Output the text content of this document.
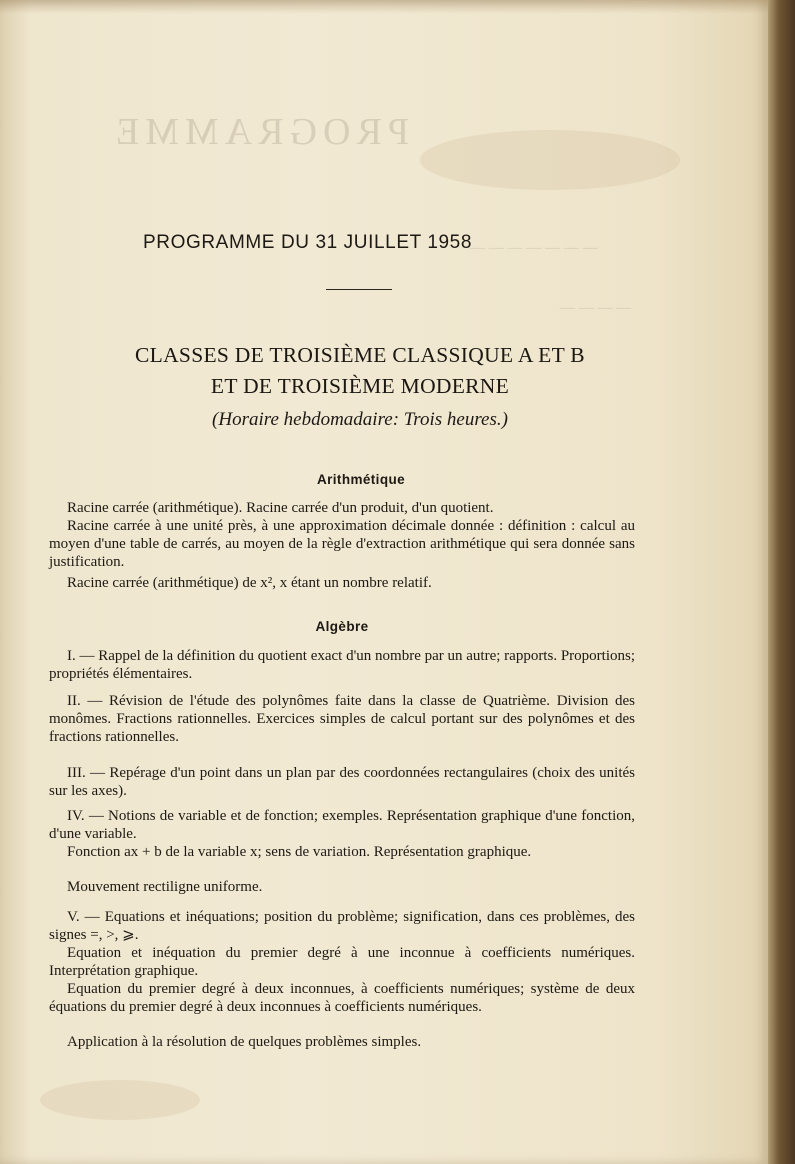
PROGRAMME
— — — — — — —
— — — —
PROGRAMME DU 31 JUILLET 1958
CLASSES DE TROISIÈME CLASSIQUE A ET B
ET DE TROISIÈME MODERNE
(Horaire hebdomadaire: Trois heures.)
Arithmétique
Racine carrée (arithmétique). Racine carrée d'un produit, d'un quotient.
Racine carrée à une unité près, à une approximation décimale donnée : définition : calcul au moyen d'une table de carrés, au moyen de la règle d'extraction arithmétique qui sera donnée sans justification.
Racine carrée (arithmétique) de x², x étant un nombre relatif.
Algèbre
I. — Rappel de la définition du quotient exact d'un nombre par un autre; rapports. Proportions; propriétés élémentaires.
II. — Révision de l'étude des polynômes faite dans la classe de Quatrième. Division des monômes. Fractions rationnelles. Exercices simples de calcul portant sur des polynômes et des fractions rationnelles.
III. — Repérage d'un point dans un plan par des coordonnées rectangulaires (choix des unités sur les axes).
IV. — Notions de variable et de fonction; exemples. Représentation graphique d'une fonction, d'une variable.
Fonction ax + b de la variable x; sens de variation. Représentation graphique.
Mouvement rectiligne uniforme.
V. — Equations et inéquations; position du problème; signification, dans ces problèmes, des signes =, >, ⩾.
Equation et inéquation du premier degré à une inconnue à coefficients numériques. Interprétation graphique.
Equation du premier degré à deux inconnues, à coefficients numériques; système de deux équations du premier degré à deux inconnues à coefficients numériques.
Application à la résolution de quelques problèmes simples.
